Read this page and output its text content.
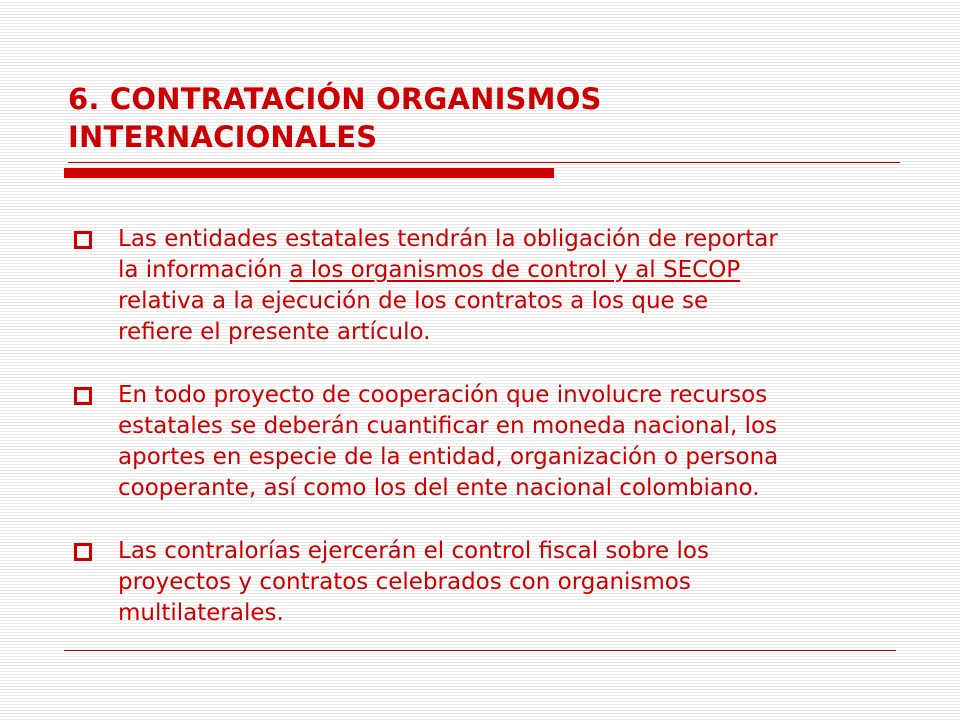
6. CONTRATACIÓN ORGANISMOS
INTERNACIONALES

Las entidades estatales tendrán la obligación de reportar
la información a los organismos de control y al SECOP
relativa a la ejecución de los contratos a los que se
refiere el presente artículo.

En todo proyecto de cooperación que involucre recursos
estatales se deberán cuantificar en moneda nacional, los
aportes en especie de la entidad, organización o persona
cooperante, así como los del ente nacional colombiano.

Las contralorías ejercerán el control fiscal sobre los
proyectos y contratos celebrados con organismos
multilaterales.
